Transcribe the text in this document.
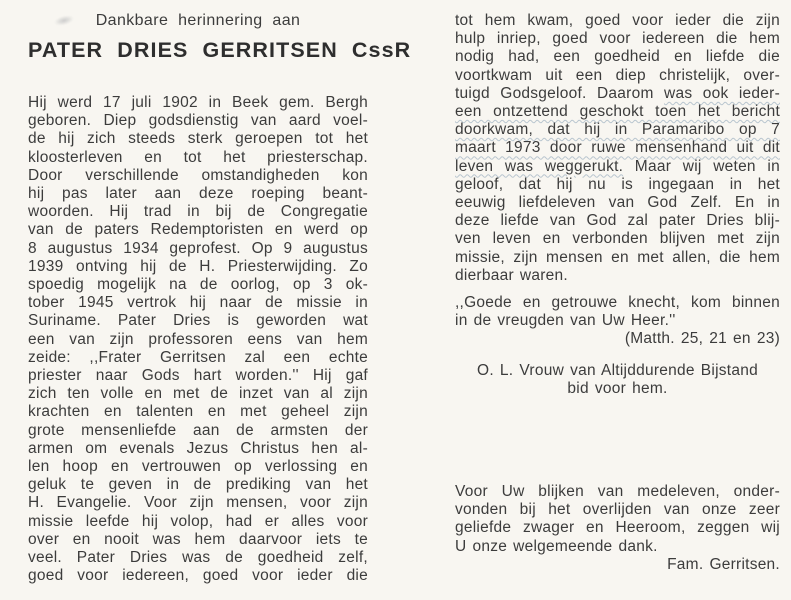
Dankbare herinnering aan
PATER DRIES GERRITSEN CssR
Hij werd 17 juli 1902 in Beek gem. Bergh
geboren. Diep godsdienstig van aard voel-
de hij zich steeds sterk geroepen tot het
kloosterleven en tot het priesterschap.
Door verschillende omstandigheden kon
hij pas later aan deze roeping beant-
woorden. Hij trad in bij de Congregatie
van de paters Redemptoristen en werd op
8 augustus 1934 geprofest. Op 9 augustus
1939 ontving hij de H. Priesterwijding. Zo
spoedig mogelijk na de oorlog, op 3 ok-
tober 1945 vertrok hij naar de missie in
Suriname. Pater Dries is geworden wat
een van zijn professoren eens van hem
zeide: ,,Frater Gerritsen zal een echte
priester naar Gods hart worden.'' Hij gaf
zich ten volle en met de inzet van al zijn
krachten en talenten en met geheel zijn
grote mensenliefde aan de armsten der
armen om evenals Jezus Christus hen al-
len hoop en vertrouwen op verlossing en
geluk te geven in de prediking van het
H. Evangelie. Voor zijn mensen, voor zijn
missie leefde hij volop, had er alles voor
over en nooit was hem daarvoor iets te
veel. Pater Dries was de goedheid zelf,
goed voor iedereen, goed voor ieder die
tot hem kwam, goed voor ieder die zijn
hulp inriep, goed voor iedereen die hem
nodig had, een goedheid en liefde die
voortkwam uit een diep christelijk, over-
tuigd Godsgeloof. Daarom was ook ieder-
een ontzettend geschokt toen het bericht
doorkwam, dat hij in Paramaribo op 7
maart 1973 door ruwe mensenhand uit dit
leven was weggerukt. Maar wij weten in
geloof, dat hij nu is ingegaan in het
eeuwig liefdeleven van God Zelf. En in
deze liefde van God zal pater Dries blij-
ven leven en verbonden blijven met zijn
missie, zijn mensen en met allen, die hem
dierbaar waren.
,,Goede en getrouwe knecht, kom binnen
in de vreugden van Uw Heer.''
(Matth. 25, 21 en 23)
O. L. Vrouw van Altijddurende Bijstand
bid voor hem.
Voor Uw blijken van medeleven, onder-
vonden bij het overlijden van onze zeer
geliefde zwager en Heeroom, zeggen wij
U onze welgemeende dank.
Fam. Gerritsen.
